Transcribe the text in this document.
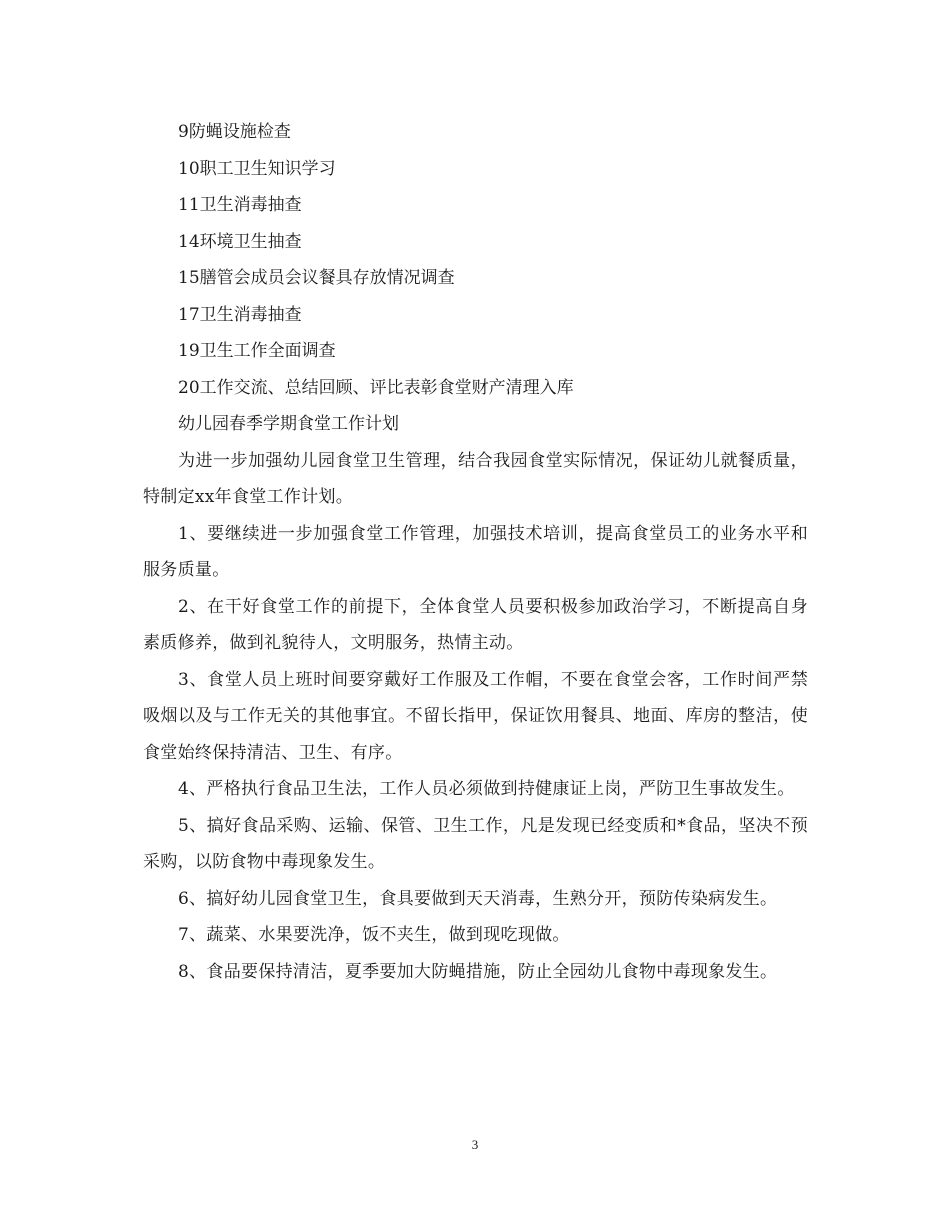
9防蝇设施检查

10职工卫生知识学习

11卫生消毒抽查

14环境卫生抽查

15膳管会成员会议餐具存放情况调查

17卫生消毒抽查

19卫生工作全面调查

20工作交流、总结回顾、评比表彰食堂财产清理入库

幼儿园春季学期食堂工作计划

为进一步加强幼儿园食堂卫生管理，结合我园食堂实际情况，保证幼儿就餐质量，特制定xx年食堂工作计划。

1、要继续进一步加强食堂工作管理，加强技术培训，提高食堂员工的业务水平和服务质量。

2、在干好食堂工作的前提下，全体食堂人员要积极参加政治学习，不断提高自身素质修养，做到礼貌待人，文明服务，热情主动。

3、食堂人员上班时间要穿戴好工作服及工作帽，不要在食堂会客，工作时间严禁吸烟以及与工作无关的其他事宜。不留长指甲，保证饮用餐具、地面、库房的整洁，使食堂始终保持清洁、卫生、有序。

4、严格执行食品卫生法，工作人员必须做到持健康证上岗，严防卫生事故发生。

5、搞好食品采购、运输、保管、卫生工作，凡是发现已经变质和*食品，坚决不预采购，以防食物中毒现象发生。

6、搞好幼儿园食堂卫生，食具要做到天天消毒，生熟分开，预防传染病发生。

7、蔬菜、水果要洗净，饭不夹生，做到现吃现做。

8、食品要保持清洁，夏季要加大防蝇措施，防止全园幼儿食物中毒现象发生。

3
